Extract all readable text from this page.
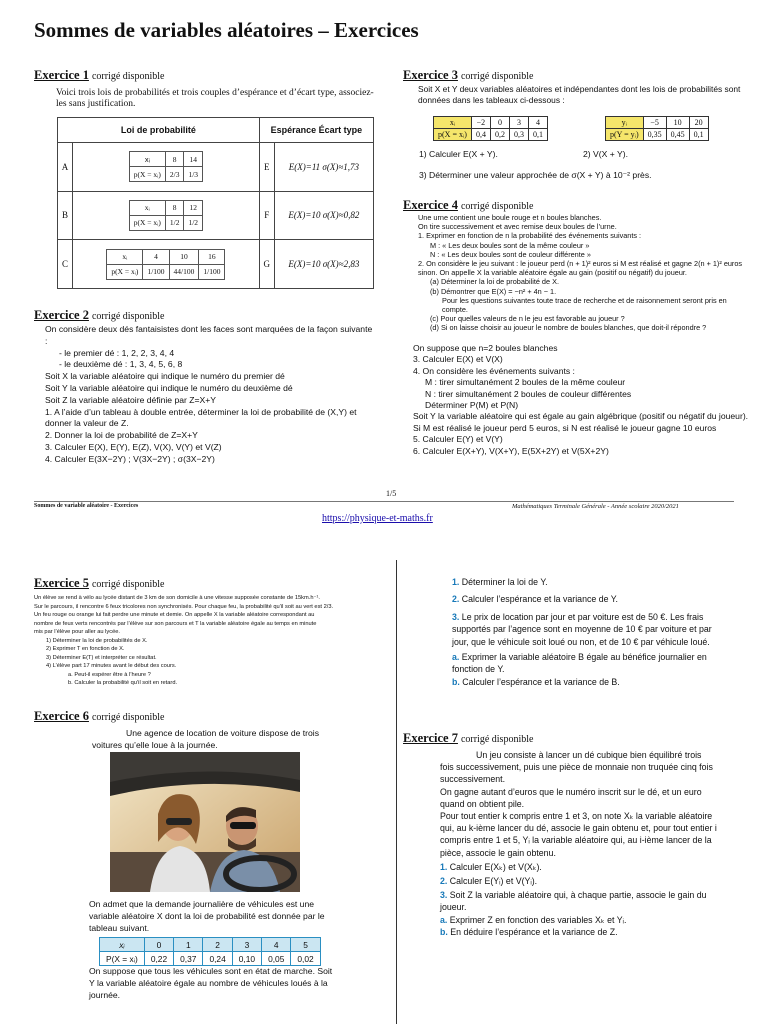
Sommes de variables aléatoires – Exercices
Exercice 1 corrigé disponible
Voici trois lois de probabilités et trois couples d’espérance et d’écart type, associez-les sans justification.
Loi de probabilité	Espérance Écart type
A	
xᵢ	8	14
p(X = xᵢ)	2/3	1/3
	E	E(X)=11 σ(X)≈1,73
B	
xᵢ	8	12
p(X = xᵢ)	1/2	1/2
	F	E(X)=10 σ(X)≈0,82
C	
xᵢ	4	10	16
p(X = xᵢ)	1/100	44/100	1/100
	G	E(X)=10 σ(X)≈2,83
Exercice 2 corrigé disponible
On considère deux dés fantaisistes dont les faces sont marquées de la façon suivante :
- le premier dé : 1, 2, 2, 3, 4, 4
- le deuxième dé : 1, 3, 4, 5, 6, 8
Soit X la variable aléatoire qui indique le numéro du premier dé
Soit Y la variable aléatoire qui indique le numéro du deuxième dé
Soit Z la variable aléatoire définie par Z=X+Y
1. A l’aide d’un tableau à double entrée, déterminer la loi de probabilité de (X,Y) et donner la valeur de Z.
2. Donner la loi de probabilité de Z=X+Y
3. Calculer E(X), E(Y), E(Z), V(X), V(Y) et V(Z)
4. Calculer E(3X−2Y) ; V(3X−2Y) ; σ(3X−2Y)
Exercice 3 corrigé disponible
Soit X et Y deux variables aléatoires et indépendantes dont les lois de probabilités sont données dans les tableaux ci-dessous :
xᵢ	−2	0	3	4
p(X = xᵢ)	0,4	0,2	0,3	0,1
yᵢ	−5	10	20
p(Y = yᵢ)	0,35	0,45	0,1
1) Calculer E(X + Y).	2) V(X + Y).
3) Déterminer une valeur approchée de σ(X + Y) à 10⁻² près.
Exercice 4 corrigé disponible
Une urne contient une boule rouge et n boules blanches.
On tire successivement et avec remise deux boules de l’urne.
1. Exprimer en fonction de n la probabilité des événements suivants :
M : « Les deux boules sont de la même couleur »
N : « Les deux boules sont de couleur différente »
2. On considère le jeu suivant : le joueur perd (n + 1)² euros si M est réalisé et gagne 2(n + 1)² euros sinon. On appelle X la variable aléatoire égale au gain (positif ou négatif) du joueur.
(a) Déterminer la loi de probabilité de X.
(b) Démontrer que E(X) = −n² + 4n − 1.
Pour les questions suivantes toute trace de recherche et de raisonnement seront pris en compte.
(c) Pour quelles valeurs de n le jeu est favorable au joueur ?
(d) Si on laisse choisir au joueur le nombre de boules blanches, que doit-il répondre ?
On suppose que n=2 boules blanches
3. Calculer E(X) et V(X)
4. On considère les événements suivants :
M : tirer simultanément 2 boules de la même couleur
N : tirer simultanément 2 boules de couleur différentes
Déterminer P(M) et P(N)
Soit Y la variable aléatoire qui est égale au gain algébrique (positif ou négatif du joueur). Si M est réalisé le joueur perd 5 euros, si N est réalisé le joueur gagne 10 euros
5. Calculer E(Y) et V(Y)
6. Calculer E(X+Y), V(X+Y), E(5X+2Y) et V(5X+2Y)
1/5
Sommes de variable aléatoire - Exercices	Mathématiques Terminale Générale - Année scolaire 2020/2021
https://physique-et-maths.fr
Exercice 5 corrigé disponible
Un élève se rend à vélo au lycée distant de 3 km de son domicile à une vitesse supposée constante de 15km.h⁻¹.
Sur le parcours, il rencontre 6 feux tricolores non synchronisés. Pour chaque feu, la probabilité qu’il soit au vert est 2/3.
Un feu rouge ou orange lui fait perdre une minute et demie. On appelle X la variable aléatoire correspondant au
nombre de feux verts rencontrés par l’élève sur son parcours et T la variable aléatoire égale au temps en minute
mis par l’élève pour aller au lycée.
1) Déterminer la loi de probabilités de X.
2) Exprimer T en fonction de X.
3) Déterminer E(T) et interpréter ce résultat.
4) L’élève part 17 minutes avant le début des cours.
a. Peut-il espérer être à l’heure ?
b. Calculer la probabilité qu’il soit en retard.
Exercice 6 corrigé disponible
Une agence de location de voiture dispose de trois voitures qu’elle loue à la journée.
On admet que la demande journalière de véhicules est une variable aléatoire X dont la loi de probabilité est donnée par le tableau suivant.
xᵢ	0	1	2	3	4	5
P(X = xᵢ)	0,22	0,37	0,24	0,10	0,05	0,02
On suppose que tous les véhicules sont en état de marche. Soit Y la variable aléatoire égale au nombre de véhicules loués à la journée.
1. Déterminer la loi de Y.
2. Calculer l’espérance et la variance de Y.
3. Le prix de location par jour et par voiture est de 50 €. Les frais supportés par l’agence sont en moyenne de 10 € par voiture et par jour, que le véhicule soit loué ou non, et de 10 € par véhicule loué.
a. Exprimer la variable aléatoire B égale au bénéfice journalier en fonction de Y.
b. Calculer l’espérance et la variance de B.
Exercice 7 corrigé disponible
Un jeu consiste à lancer un dé cubique bien équilibré trois fois successivement, puis une pièce de monnaie non truquée cinq fois successivement.
On gagne autant d’euros que le numéro inscrit sur le dé, et un euro quand on obtient pile.
Pour tout entier k compris entre 1 et 3, on note Xₖ la variable aléatoire qui, au k-ième lancer du dé, associe le gain obtenu et, pour tout entier i compris entre 1 et 5, Yᵢ la variable aléatoire qui, au i-ième lancer de la pièce, associe le gain obtenu.
1. Calculer E(Xₖ) et V(Xₖ).
2. Calculer E(Yᵢ) et V(Yᵢ).
3. Soit Z la variable aléatoire qui, à chaque partie, associe le gain du joueur.
a. Exprimer Z en fonction des variables Xₖ et Yᵢ.
b. En déduire l’espérance et la variance de Z.
